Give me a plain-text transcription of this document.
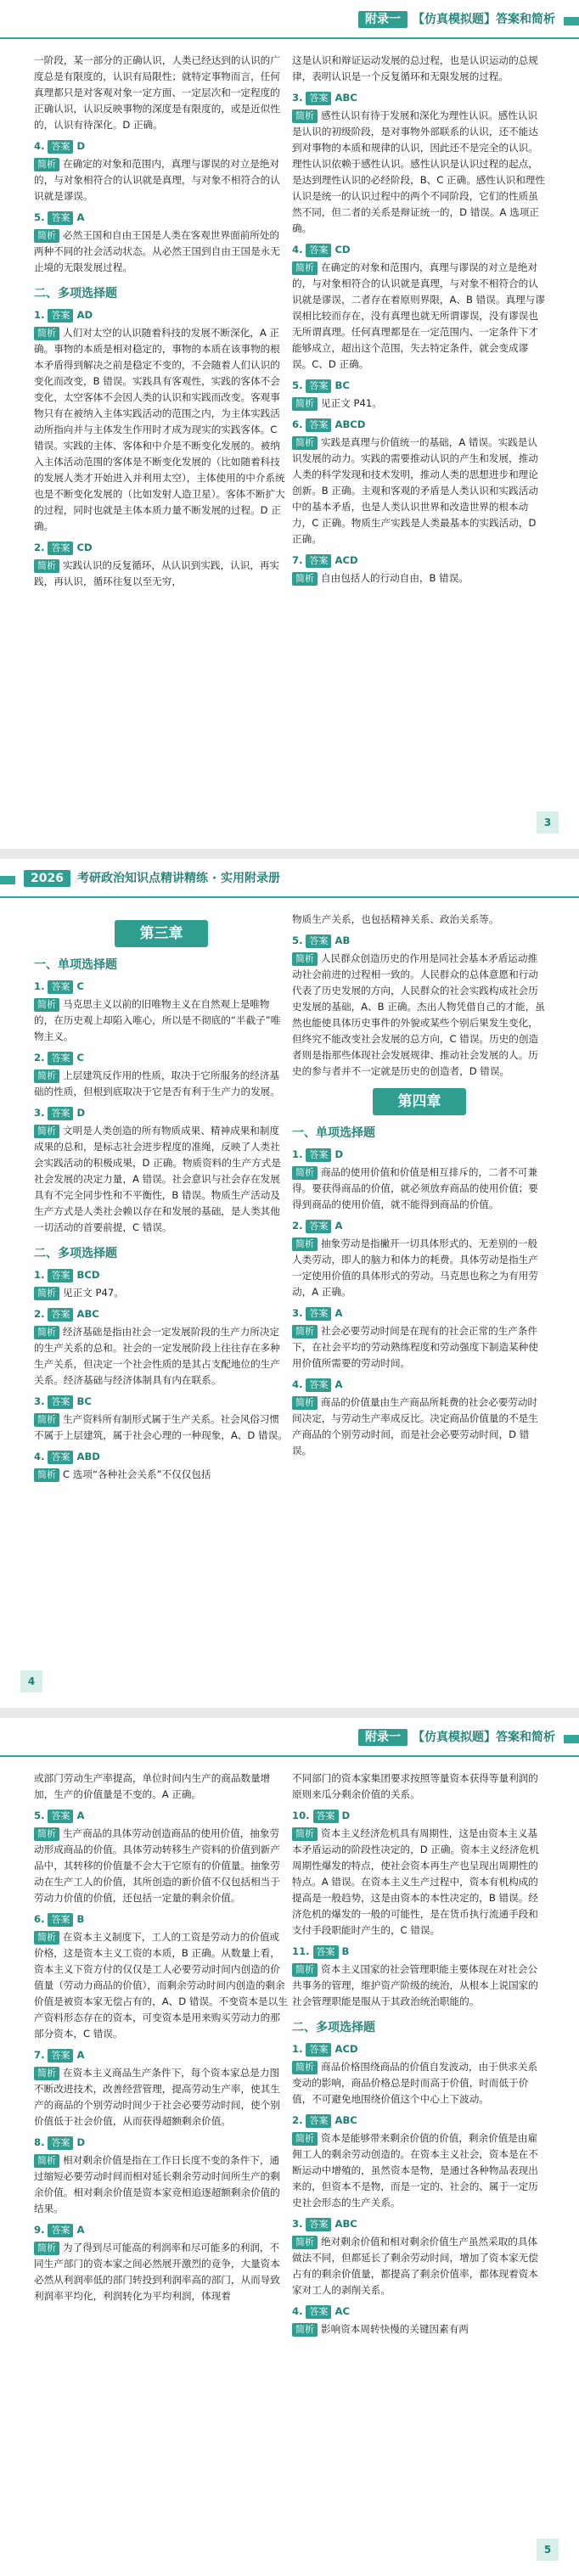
附录一 【仿真模拟题】答案和简析

一阶段，某一部分的正确认识，人类已经达到的认识的广度总是有限度的，认识有局限性；就特定事物而言，任何真理都只是对客观对象一定方面、一定层次和一定程度的正确认识，认识反映事物的深度是有限度的，或是近似性的，认识有待深化。D 正确。

4. 答案 D
简析 在确定的对象和范围内，真理与谬误的对立是绝对的，与对象相符合的认识就是真理，与对象不相符合的认识就是谬误。
5. 答案 A
简析 必然王国和自由王国是人类在客观世界面前所处的两种不同的社会活动状态。从必然王国到自由王国是永无止境的无限发展过程。
二、多项选择题
1. 答案 AD
简析 人们对太空的认识随着科技的发展不断深化，A 正确。事物的本质是相对稳定的，事物的本质在该事物的根本矛盾得到解决之前是稳定不变的，不会随着人们认识的变化而改变，B 错误。实践具有客观性，实践的客体不会变化，太空客体不会因人类的认识和实践而改变。客观事物只有在被纳入主体实践活动的范围之内，为主体实践活动所指向并与主体发生作用时才成为现实的实践客体。C 错误。实践的主体、客体和中介是不断变化发展的。被纳入主体活动范围的客体是不断变化发展的（比如随着科技的发展人类才开始进入并利用太空），主体使用的中介系统也是不断变化发展的（比如发射人造卫星）。客体不断扩大的过程，同时也就是主体本质力量不断发展的过程。D 正确。
2. 答案 CD
简析 实践认识的反复循环，从认识到实践，认识，再实践，再认识，循环往复以至无穷，

这是认识和辩证运动发展的总过程，也是认识运动的总规律，表明认识是一个反复循环和无限发展的过程。

3. 答案 ABC
简析 感性认识有待于发展和深化为理性认识。感性认识是认识的初级阶段，是对事物外部联系的认识，还不能达到对事物的本质和规律的认识，因此还不是完全的认识。理性认识依赖于感性认识。感性认识是认识过程的起点，是达到理性认识的必经阶段，B、C 正确。感性认识和理性认识是统一的认识过程中的两个不同阶段，它们的性质虽然不同，但二者的关系是辩证统一的，D 错误。A 选项正确。
4. 答案 CD
简析 在确定的对象和范围内，真理与谬误的对立是绝对的，与对象相符合的认识就是真理，与对象不相符合的认识就是谬误，二者存在着原则界限，A、B 错误。真理与谬误相比较而存在，没有真理也就无所谓谬误，没有谬误也无所谓真理。任何真理都是在一定范围内、一定条件下才能够成立，超出这个范围，失去特定条件，就会变成谬误。C、D 正确。
5. 答案 BC
简析 见正文 P41。
6. 答案 ABCD
简析 实践是真理与价值统一的基础，A 错误。实践是认识发展的动力。实践的需要推动认识的产生和发展，推动人类的科学发现和技术发明，推动人类的思想进步和理论创新。B 正确。主观和客观的矛盾是人类认识和实践活动中的基本矛盾，也是人类认识世界和改造世界的根本动力，C 正确。物质生产实践是人类最基本的实践活动，D 正确。
7. 答案 ACD
简析 自由包括人的行动自由，B 错误。
3
2026 考研政治知识点精讲精练 · 实用附录册
第三章
一、单项选择题
1. 答案 C
简析 马克思主义以前的旧唯物主义在自然观上是唯物的，在历史观上却陷入唯心，所以是不彻底的“半截子”唯物主义。
2. 答案 C
简析 上层建筑反作用的性质，取决于它所服务的经济基础的性质，但根到底取决于它是否有利于生产力的发展。
3. 答案 D
简析 文明是人类创造的所有物质成果、精神成果和制度成果的总和，是标志社会进步程度的准绳，反映了人类社会实践活动的积极成果，D 正确。物质资料的生产方式是社会发展的决定力量，A 错误。社会意识与社会存在发展具有不完全同步性和不平衡性，B 错误。物质生产活动及生产方式是人类社会赖以存在和发展的基础，是人类其他一切活动的首要前提，C 错误。
二、多项选择题
1. 答案 BCD
简析 见正文 P47。
2. 答案 ABC
简析 经济基础是指由社会一定发展阶段的生产力所决定的生产关系的总和。社会的一定发展阶段上往往存在多种生产关系，但决定一个社会性质的是其占支配地位的生产关系。经济基础与经济体制具有内在联系。
3. 答案 BC
简析 生产资料所有制形式属于生产关系。社会风俗习惯不属于上层建筑，属于社会心理的一种现象，A、D 错误。
4. 答案 ABD
简析 C 选项“各种社会关系”不仅仅包括

物质生产关系，也包括精神关系、政治关系等。

5. 答案 AB
简析 人民群众创造历史的作用是同社会基本矛盾运动推动社会前进的过程相一致的。人民群众的总体意愿和行动代表了历史发展的方向，人民群众的社会实践构成社会历史发展的基础，A、B 正确。杰出人物凭借自己的才能，虽然也能使具体历史事件的外貌或某些个别后果发生变化，但终究不能改变社会发展的总方向，C 错误。历史的创造者则是指那些体现社会发展规律、推动社会发展的人。历史的参与者并不一定就是历史的创造者，D 错误。
第四章
一、单项选择题
1. 答案 D
简析 商品的使用价值和价值是相互排斥的，二者不可兼得。要获得商品的价值，就必须放弃商品的使用价值；要得到商品的使用价值，就不能得到商品的价值。
2. 答案 A
简析 抽象劳动是指撇开一切具体形式的、无差别的一般人类劳动，即人的脑力和体力的耗费。具体劳动是指生产一定使用价值的具体形式的劳动。马克思也称之为有用劳动，A 正确。
3. 答案 A
简析 社会必要劳动时间是在现有的社会正常的生产条件下，在社会平均的劳动熟练程度和劳动强度下制造某种使用价值所需要的劳动时间。
4. 答案 A
简析 商品的价值量由生产商品所耗费的社会必要劳动时间决定，与劳动生产率成反比。决定商品价值量的不是生产商品的个别劳动时间，而是社会必要劳动时间，D 错误。
4
附录一 【仿真模拟题】答案和简析

或部门劳动生产率提高，单位时间内生产的商品数量增加，生产的价值量是不变的。A 正确。

5. 答案 A
简析 生产商品的具体劳动创造商品的使用价值，抽象劳动形成商品的价值。具体劳动转移生产资料的价值到新产品中，其转移的价值量不会大于它原有的价值量。抽象劳动在生产工人的价值，其所创造的新价值不仅包括相当于劳动力价值的价值，还包括一定量的剩余价值。
6. 答案 B
简析 在资本主义制度下，工人的工资是劳动力的价值或价格，这是资本主义工资的本质，B 正确。从数量上看，资本主义下资方付的仅仅是工人必要劳动时间内创造的价值量（劳动力商品的价值），而剩余劳动时间内创造的剩余价值是被资本家无偿占有的，A、D 错误。不变资本是以生产资料形态存在的资本，可变资本是用来购买劳动力的那部分资本，C 错误。
7. 答案 A
简析 在资本主义商品生产条件下，每个资本家总是力图不断改进技术，改善经营管理，提高劳动生产率，使其生产的商品的个别劳动时间少于社会必要劳动时间，使个别价值低于社会价值，从而获得超额剩余价值。
8. 答案 D
简析 相对剩余价值是指在工作日长度不变的条件下，通过缩短必要劳动时间而相对延长剩余劳动时间所生产的剩余价值。相对剩余价值是资本家竞相追逐超额剩余价值的结果。
9. 答案 A
简析 为了得到尽可能高的利润率和尽可能多的利润，不同生产部门的资本家之间必然展开激烈的竞争，大量资本必然从利润率低的部门转投到利润率高的部门，从而导致利润率平均化，利润转化为平均利润，体现着

不同部门的资本家集团要求按照等量资本获得等量利润的原则来瓜分剩余价值的关系。

10. 答案 D
简析 资本主义经济危机具有周期性，这是由资本主义基本矛盾运动的阶段性决定的，D 正确。资本主义经济危机周期性爆发的特点，使社会资本再生产也呈现出周期性的特点。A 错误。在资本主义生产过程中，资本有机构成的提高是一般趋势，这是由资本的本性决定的，B 错误。经济危机的爆发的一般的可能性，是在货币执行流通手段和支付手段职能时产生的，C 错误。
11. 答案 B
简析 资本主义国家的社会管理职能主要体现在对社会公共事务的管理，维护资产阶级的统治，从根本上说国家的社会管理职能是服从于其政治统治职能的。
二、多项选择题
1. 答案 ACD
简析 商品价格围绕商品的价值自发波动，由于供求关系变动的影响，商品价格总是时而高于价值，时而低于价值，不可避免地围绕价值这个中心上下波动。
2. 答案 ABC
简析 资本是能够带来剩余价值的价值，剩余价值是由雇佣工人的剩余劳动创造的。在资本主义社会，资本是在不断运动中增殖的，虽然资本是物，是通过各种物品表现出来的，但资本不是物，而是一定的、社会的、属于一定历史社会形态的生产关系。
3. 答案 ABC
简析 绝对剩余价值和相对剩余价值生产虽然采取的具体做法不同，但都延长了剩余劳动时间，增加了资本家无偿占有的剩余价值量，都提高了剩余价值率，都体现着资本家对工人的剥削关系。
4. 答案 AC
简析 影响资本周转快慢的关键因素有两
5
